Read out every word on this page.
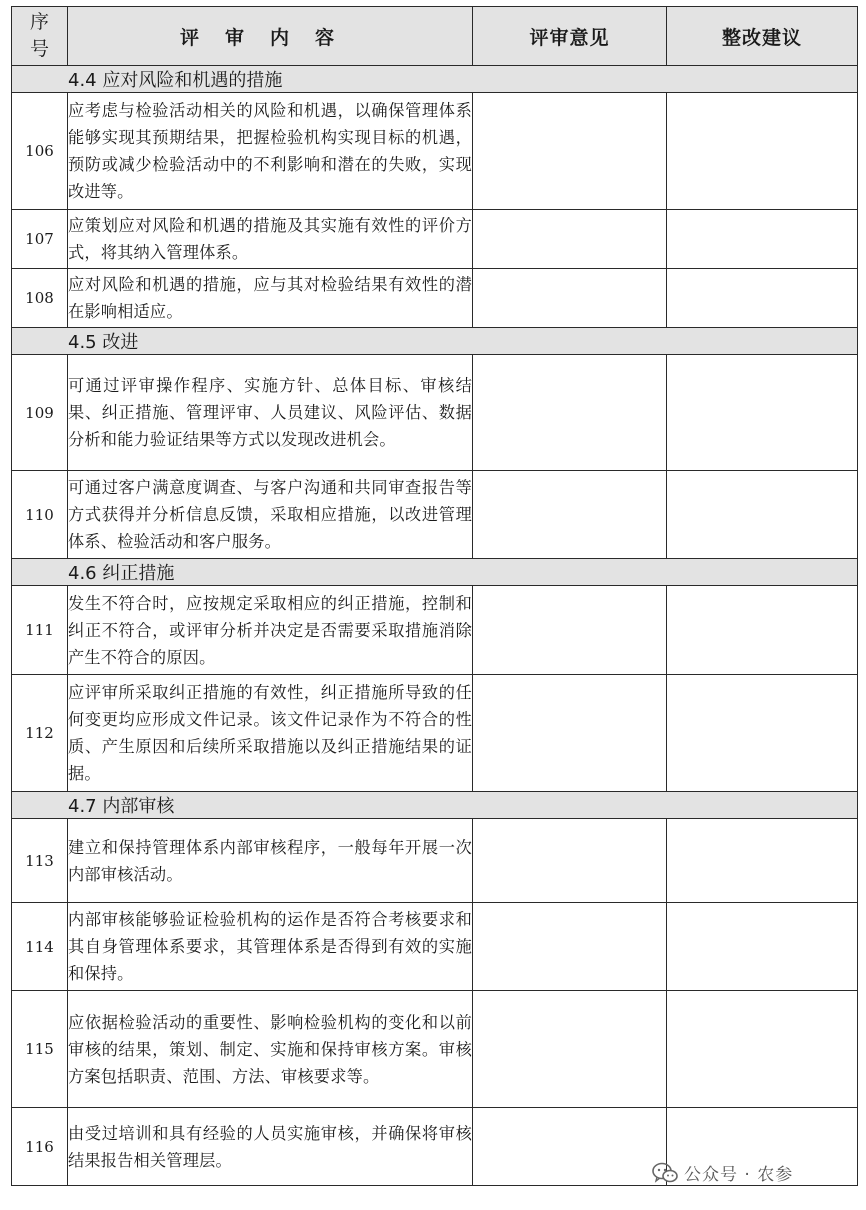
序
号	评审内容	评审意见	整改建议
4.4 应对风险和机遇的措施			
106	应考虑与检验活动相关的风险和机遇，以确保管理体系能够实现其预期结果，把握检验机构实现目标的机遇，预防或减少检验活动中的不利影响和潜在的失败，实现改进等。		
107	应策划应对风险和机遇的措施及其实施有效性的评价方式，将其纳入管理体系。		
108	应对风险和机遇的措施，应与其对检验结果有效性的潜在影响相适应。		
4.5 改进			
109	可通过评审操作程序、实施方针、总体目标、审核结果、纠正措施、管理评审、人员建议、风险评估、数据分析和能力验证结果等方式以发现改进机会。		
110	可通过客户满意度调查、与客户沟通和共同审查报告等方式获得并分析信息反馈，采取相应措施，以改进管理体系、检验活动和客户服务。		
4.6 纠正措施			
111	发生不符合时，应按规定采取相应的纠正措施，控制和纠正不符合，或评审分析并决定是否需要采取措施消除产生不符合的原因。		
112	应评审所采取纠正措施的有效性，纠正措施所导致的任何变更均应形成文件记录。该文件记录作为不符合的性质、产生原因和后续所采取措施以及纠正措施结果的证据。		
4.7 内部审核			
113	建立和保持管理体系内部审核程序，一般每年开展一次内部审核活动。		
114	内部审核能够验证检验机构的运作是否符合考核要求和其自身管理体系要求，其管理体系是否得到有效的实施和保持。		
115	应依据检验活动的重要性、影响检验机构的变化和以前审核的结果，策划、制定、实施和保持审核方案。审核方案包括职责、范围、方法、审核要求等。		
116	由受过培训和具有经验的人员实施审核，并确保将审核结果报告相关管理层。		
公众号 · 农参
